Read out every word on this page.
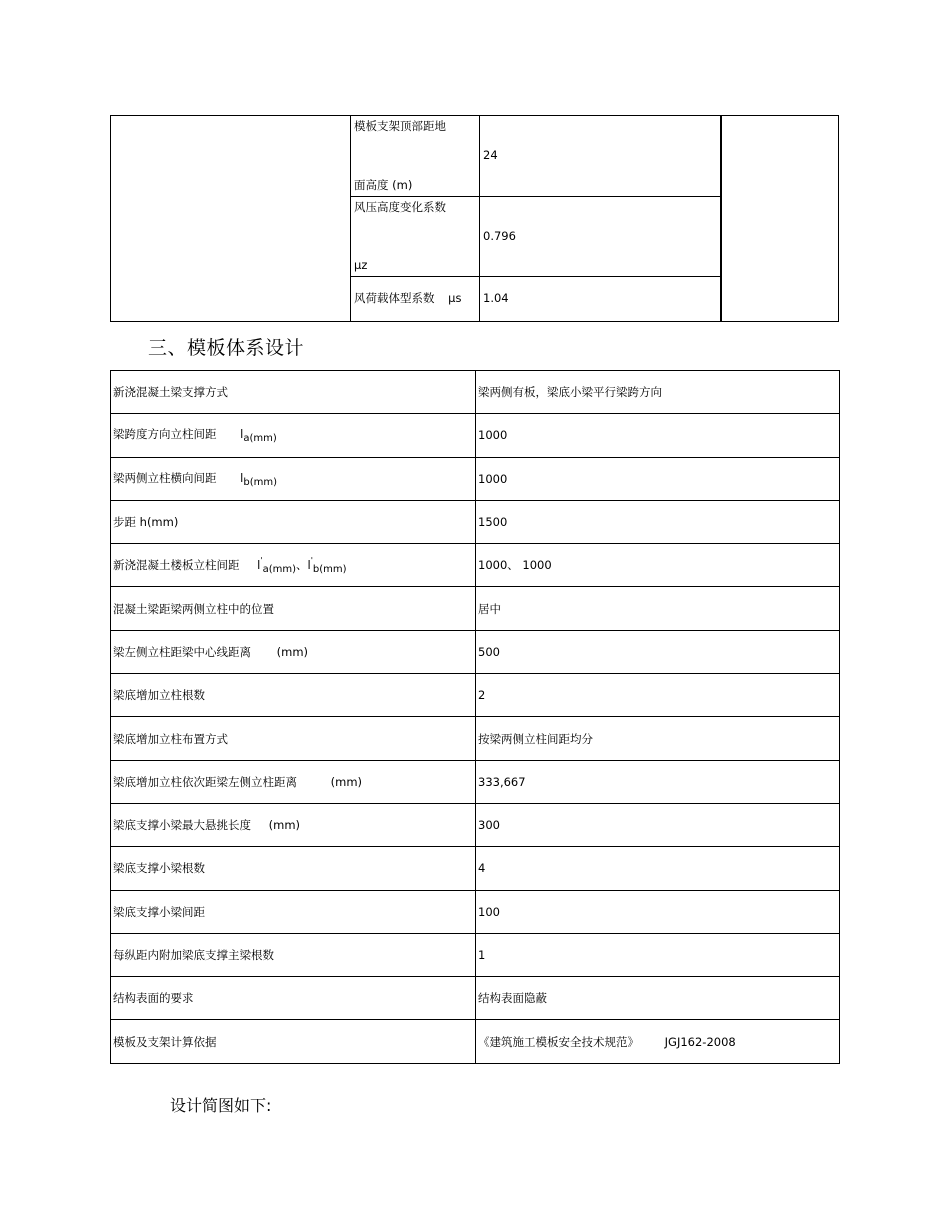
	模板支架顶部距地
面高度 (m)	24	

	风压高度变化系数
μz	0.796	
	风荷载体型系数 μs	1.04	
三、模板体系设计
新浇混凝土梁支撑方式	梁两侧有板，梁底小梁平行梁跨方向
梁跨度方向立柱间距 la(mm)	1000
梁两侧立柱横向间距 lb(mm)	1000
步距 h(mm)	1500
新浇混凝土楼板立柱间距 l'a(mm)、l'b(mm)	1000、 1000
混凝土梁距梁两侧立柱中的位置	居中
梁左侧立柱距梁中心线距离 (mm)	500
梁底增加立柱根数	2
梁底增加立柱布置方式	按梁两侧立柱间距均分
梁底增加立柱依次距梁左侧立柱距离 (mm)	333,667
梁底支撑小梁最大悬挑长度 (mm)	300
梁底支撑小梁根数	4
梁底支撑小梁间距	100
每纵距内附加梁底支撑主梁根数	1
结构表面的要求	结构表面隐蔽
模板及支架计算依据	《建筑施工模板安全技术规范》 JGJ162-2008
设计简图如下:
